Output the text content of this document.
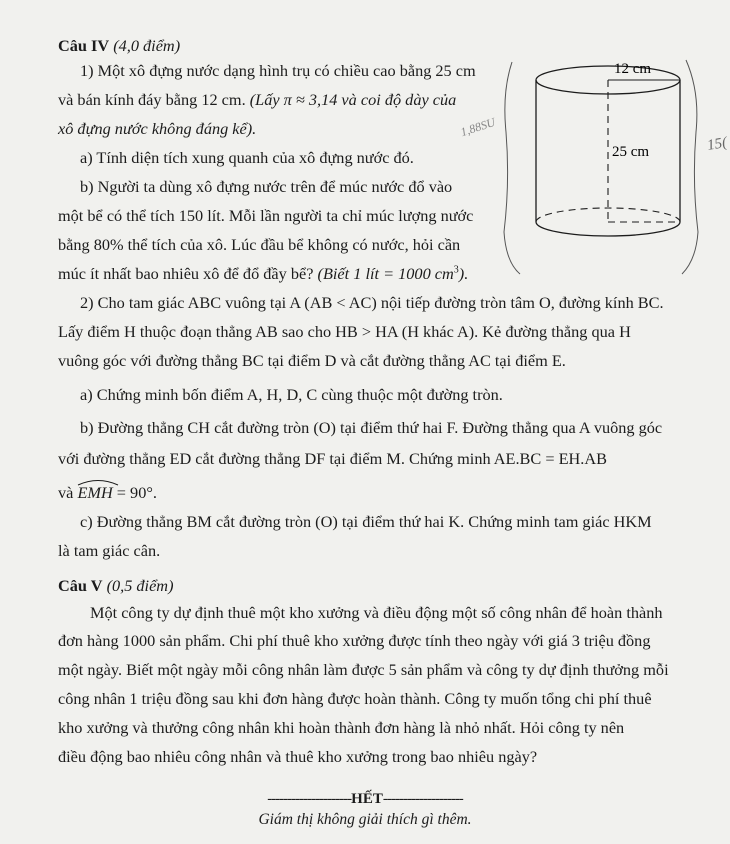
Câu IV (4,0 điểm)
1) Một xô đựng nước dạng hình trụ có chiều cao bằng 25 cm
và bán kính đáy bằng 12 cm. (Lấy π ≈ 3,14 và coi độ dày của
xô đựng nước không đáng kể).
a) Tính diện tích xung quanh của xô đựng nước đó.
b) Người ta dùng xô đựng nước trên để múc nước đổ vào
một bể có thể tích 150 lít. Mỗi lần người ta chỉ múc lượng nước
bằng 80% thể tích của xô. Lúc đầu bể không có nước, hỏi cần
múc ít nhất bao nhiêu xô để đổ đầy bể? (Biết 1 lít = 1000 $cm^3$).
2) Cho tam giác ABC vuông tại A (AB < AC) nội tiếp đường tròn tâm O, đường kính BC.
Lấy điểm H thuộc đoạn thẳng AB sao cho HB > HA (H khác A). Kẻ đường thẳng qua H
vuông góc với đường thẳng BC tại điểm D và cắt đường thẳng AC tại điểm E.
a) Chứng minh bốn điểm A, H, D, C cùng thuộc một đường tròn.
b) Đường thẳng CH cắt đường tròn (O) tại điểm thứ hai F. Đường thẳng qua A vuông góc
với đường thẳng ED cắt đường thẳng DF tại điểm M. Chứng minh AE.BC = EH.AB
và EMH = 90°.
c) Đường thẳng BM cắt đường tròn (O) tại điểm thứ hai K. Chứng minh tam giác HKM
là tam giác cân.
Câu V (0,5 điểm)
Một công ty dự định thuê một kho xưởng và điều động một số công nhân để hoàn thành
đơn hàng 1000 sản phẩm. Chi phí thuê kho xưởng được tính theo ngày với giá 3 triệu đồng
một ngày. Biết một ngày mỗi công nhân làm được 5 sản phẩm và công ty dự định thưởng mỗi
công nhân 1 triệu đồng sau khi đơn hàng được hoàn thành. Công ty muốn tổng chi phí thuê
kho xưởng và thưởng công nhân khi hoàn thành đơn hàng là nhỏ nhất. Hỏi công ty nên
điều động bao nhiêu công nhân và thuê kho xưởng trong bao nhiêu ngày?
---------------------HẾT--------------------
Giám thị không giải thích gì thêm.
12 cm
25 cm	15(
1,88SU
